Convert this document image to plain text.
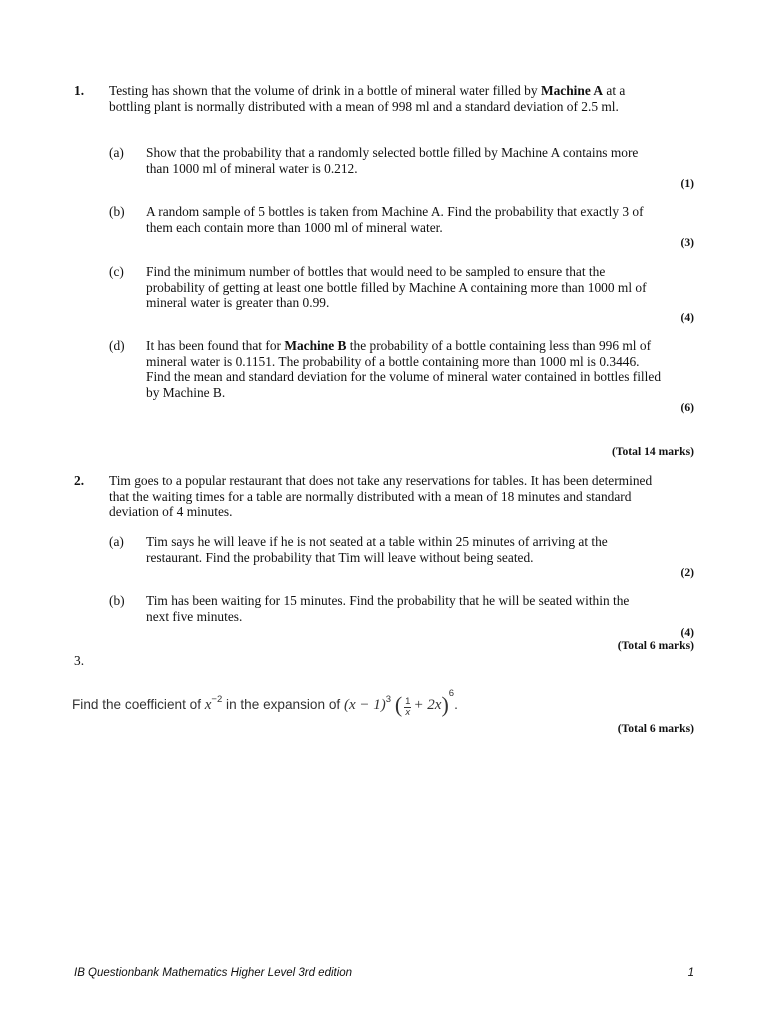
1. Testing has shown that the volume of drink in a bottle of mineral water filled by Machine A at a bottling plant is normally distributed with a mean of 998 ml and a standard deviation of 2.5 ml.
(a) Show that the probability that a randomly selected bottle filled by Machine A contains more than 1000 ml of mineral water is 0.212.
(1)
(b) A random sample of 5 bottles is taken from Machine A. Find the probability that exactly 3 of them each contain more than 1000 ml of mineral water.
(3)
(c) Find the minimum number of bottles that would need to be sampled to ensure that the probability of getting at least one bottle filled by Machine A containing more than 1000 ml of mineral water is greater than 0.99.
(4)
(d) It has been found that for Machine B the probability of a bottle containing less than 996 ml of mineral water is 0.1151. The probability of a bottle containing more than 1000 ml is 0.3446. Find the mean and standard deviation for the volume of mineral water contained in bottles filled by Machine B.
(6)
(Total 14 marks)
2. Tim goes to a popular restaurant that does not take any reservations for tables. It has been determined that the waiting times for a table are normally distributed with a mean of 18 minutes and standard deviation of 4 minutes.
(a) Tim says he will leave if he is not seated at a table within 25 minutes of arriving at the restaurant. Find the probability that Tim will leave without being seated.
(2)
(b) Tim has been waiting for 15 minutes. Find the probability that he will be seated within the next five minutes.
(4)
(Total 6 marks)
3.
Find the coefficient of $x^{-2}$ in the expansion of $(x - 1)^3$ ( $\frac{1}{x} + 2x)^6$.
(Total 6 marks)
IB Questionbank Mathematics Higher Level 3rd edition	1
